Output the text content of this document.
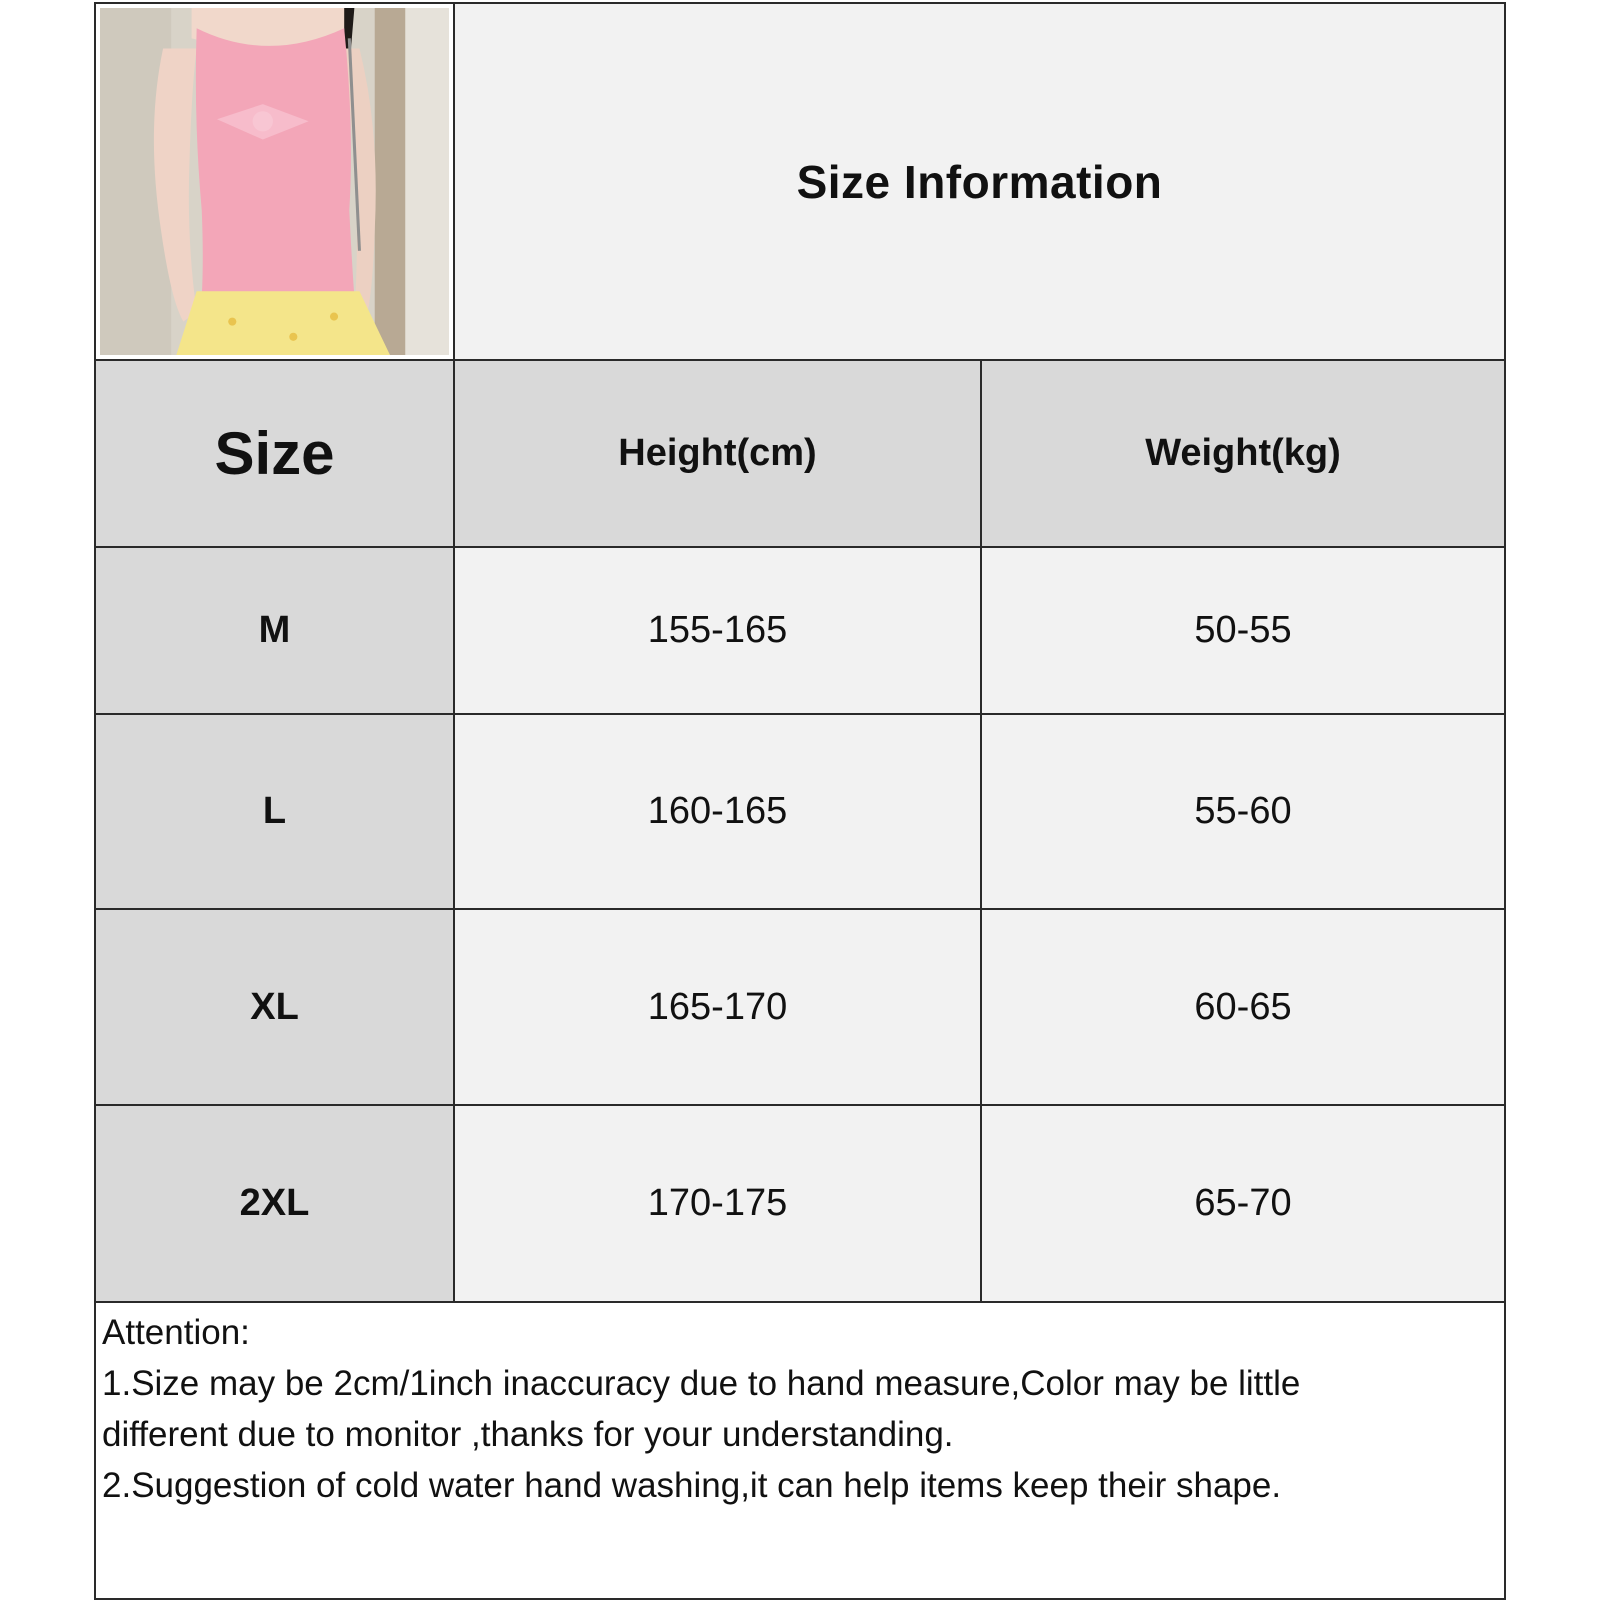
Size Information
Size	Height(cm)	Weight(kg)
M	155-165	50-55
L	160-165	55-60
XL	165-170	60-65
2XL	170-175	65-70
Attention:
1.Size may be 2cm/1inch inaccuracy due to hand measure,Color may be little
different due to monitor ,thanks for your understanding.
2.Suggestion of cold water hand washing,it can help items keep their shape.
